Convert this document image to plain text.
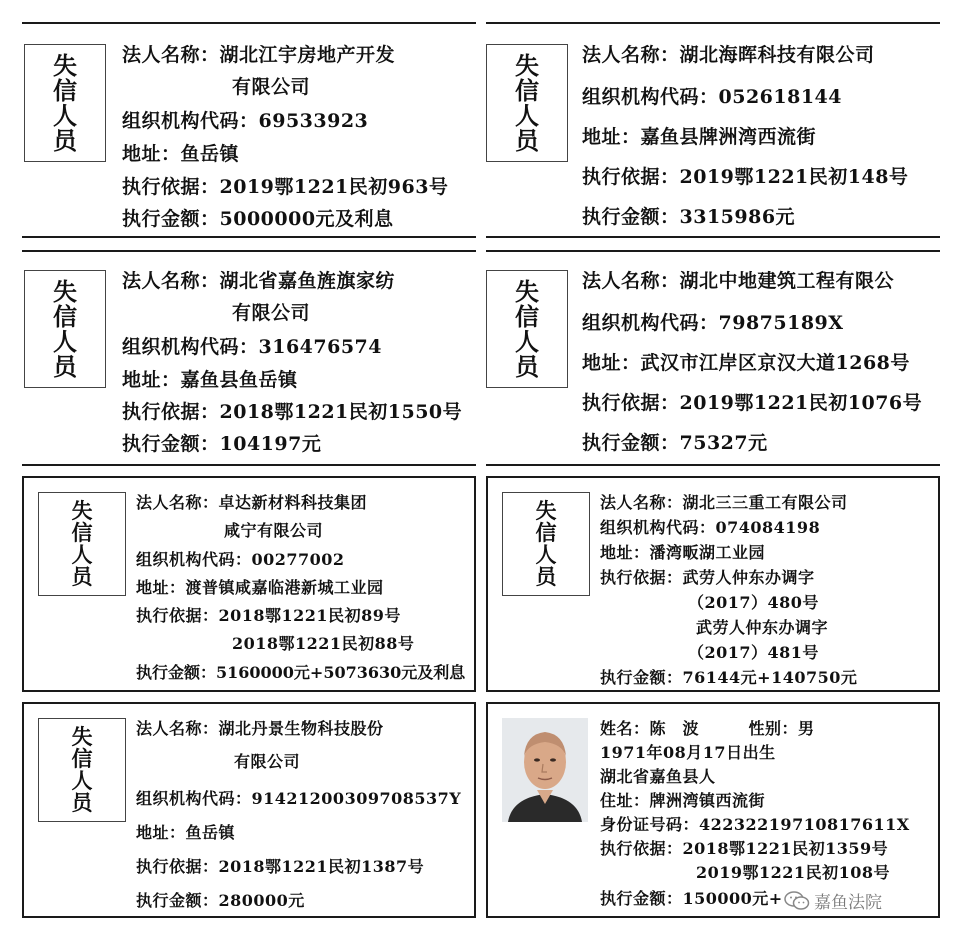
失
信
人
员
法人名称：湖北江宇房地产开发
有限公司
组织机构代码：69533923
地址：鱼岳镇
执行依据：2019鄂1221民初963号
执行金额：5000000元及利息
失
信
人
员
法人名称：湖北海晖科技有限公司
组织机构代码：052618144
地址：嘉鱼县牌洲湾西流街
执行依据：2019鄂1221民初148号
执行金额：3315986元
失
信
人
员
法人名称：湖北省嘉鱼旌旗家纺
有限公司
组织机构代码：316476574
地址：嘉鱼县鱼岳镇
执行依据：2018鄂1221民初1550号
执行金额：104197元
失
信
人
员
法人名称：湖北中地建筑工程有限公
组织机构代码：79875189X
地址：武汉市江岸区京汉大道1268号
执行依据：2019鄂1221民初1076号
执行金额：75327元
失
信
人
员
法人名称：卓达新材料科技集团
咸宁有限公司
组织机构代码：00277002
地址：渡普镇咸嘉临港新城工业园
执行依据：2018鄂1221民初89号
2018鄂1221民初88号
执行金额：5160000元+5073630元及利息
失
信
人
员
法人名称：湖北三三重工有限公司
组织机构代码：074084198
地址：潘湾畈湖工业园
执行依据：武劳人仲东办调字
（2017）480号
武劳人仲东办调字
（2017）481号
执行金额：76144元+140750元
失
信
人
员
法人名称：湖北丹景生物科技股份
有限公司
组织机构代码：91421200309708537Y
地址：鱼岳镇
执行依据：2018鄂1221民初1387号
执行金额：280000元
姓名：陈　波　　　性别：男
1971年08月17日出生
湖北省嘉鱼县人
住址：牌洲湾镇西流街
身份证号码：42232219710817611X
执行依据：2018鄂1221民初1359号
2019鄂1221民初108号
执行金额：150000元+ 嘉鱼法院
